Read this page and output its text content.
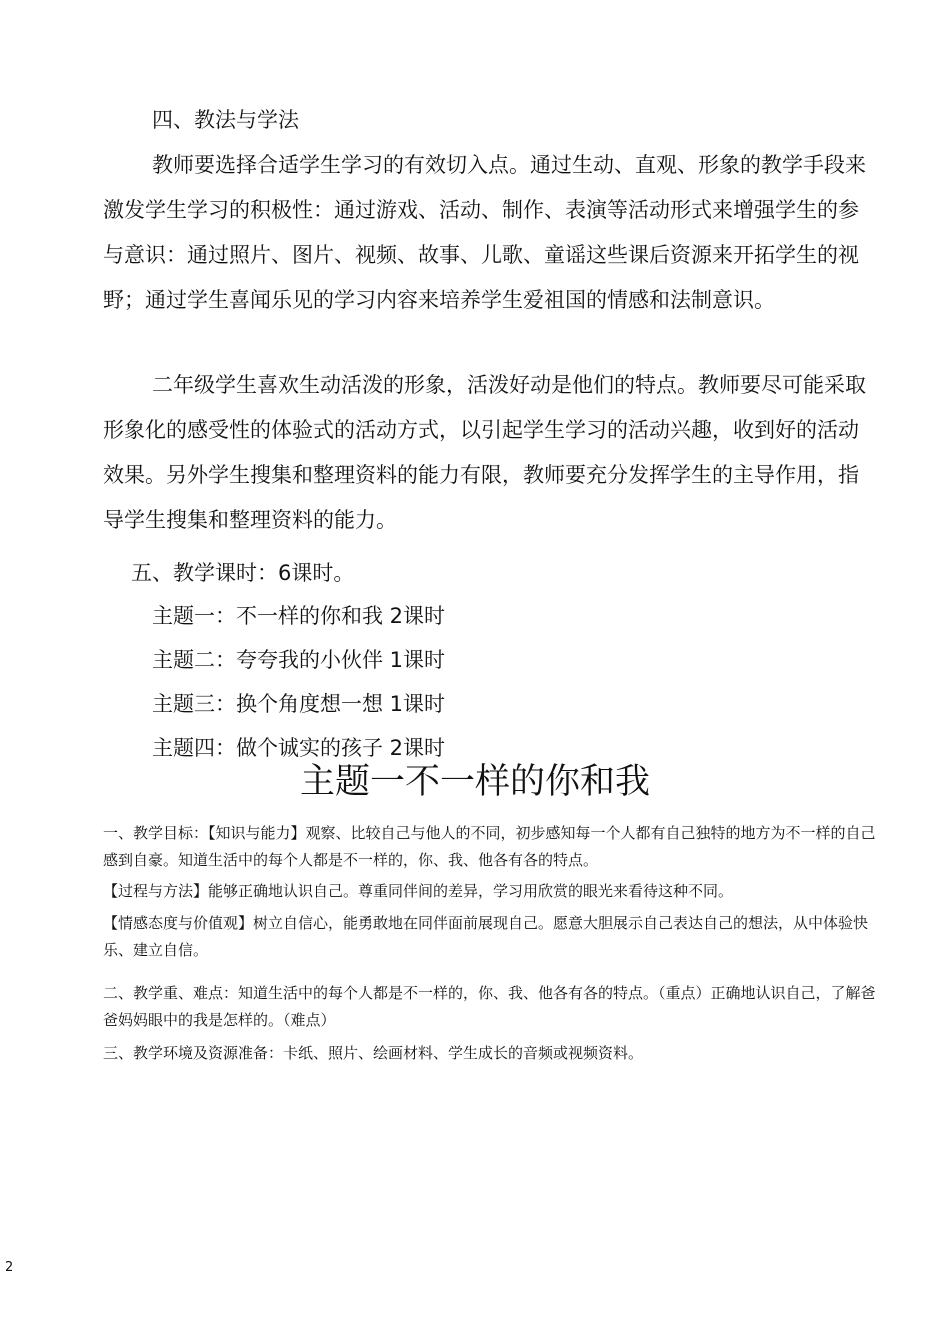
四、教法与学法
教师要选择合适学生学习的有效切入点。通过生动、直观、形象的教学手段来激发学生学习的积极性：通过游戏、活动、制作、表演等活动形式来增强学生的参与意识：通过照片、图片、视频、故事、儿歌、童谣这些课后资源来开拓学生的视野；通过学生喜闻乐见的学习内容来培养学生爱祖国的情感和法制意识。
二年级学生喜欢生动活泼的形象，活泼好动是他们的特点。教师要尽可能采取形象化的感受性的体验式的活动方式，以引起学生学习的活动兴趣，收到好的活动效果。另外学生搜集和整理资料的能力有限，教师要充分发挥学生的主导作用，指导学生搜集和整理资料的能力。
五、教学课时：6课时。
主题一：不一样的你和我 2课时
主题二：夸夸我的小伙伴 1课时
主题三：换个角度想一想 1课时
主题四：做个诚实的孩子 2课时
主题一不一样的你和我
一、教学目标：【知识与能力】观察、比较自己与他人的不同，初步感知每一个人都有自己独特的地方为不一样的自己感到自豪。知道生活中的每个人都是不一样的，你、我、他各有各的特点。
【过程与方法】能够正确地认识自己。尊重同伴间的差异，学习用欣赏的眼光来看待这种不同。
【情感态度与价值观】树立自信心，能勇敢地在同伴面前展现自己。愿意大胆展示自己表达自己的想法，从中体验快乐、建立自信。
二、教学重、难点：知道生活中的每个人都是不一样的，你、我、他各有各的特点。（重点）正确地认识自己，了解爸爸妈妈眼中的我是怎样的。（难点）
三、教学环境及资源准备：卡纸、照片、绘画材料、学生成长的音频或视频资料。
2
